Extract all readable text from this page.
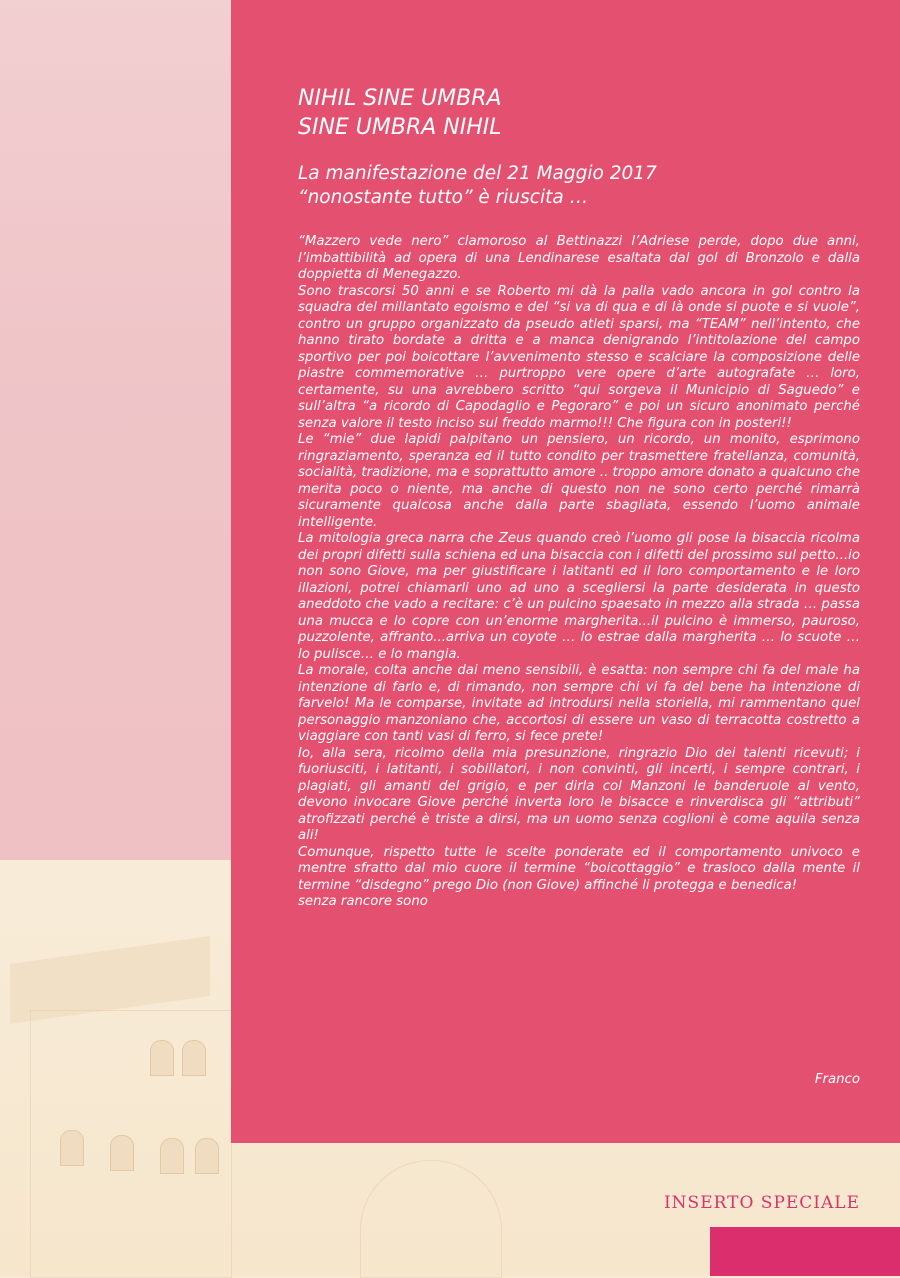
NIHIL SINE UMBRA
SINE UMBRA NIHIL
La manifestazione del 21 Maggio 2017
“nonostante tutto” è riuscita …

“Mazzero vede nero” clamoroso al Bettinazzi l’Adriese perde, dopo due anni, l’imbattibilità ad opera di una Lendinarese esaltata dal gol di Bronzolo e dalla doppietta di Menegazzo.

Sono trascorsi 50 anni e se Roberto mi dà la palla vado ancora in gol contro la squadra del millantato egoismo e del “si va di qua e di là onde si puote e si vuole”, contro un gruppo organizzato da pseudo atleti sparsi, ma “TEAM” nell’intento, che hanno tirato bordate a dritta e a manca denigrando l’intitolazione del campo sportivo per poi boicottare l’avvenimento stesso e scalciare la composizione delle piastre commemorative … purtroppo vere opere d’arte autografate … loro, certamente, su una avrebbero scritto “qui sorgeva il Municipio di Saguedo” e sull’altra “a ricordo di Capodaglio e Pegoraro” e poi un sicuro anonimato perché senza valore il testo inciso sul freddo marmo!!! Che figura con in posteri!!

Le “mie” due lapidi palpitano un pensiero, un ricordo, un monito, esprimono ringraziamento, speranza ed il tutto condito per trasmettere fratellanza, comunità, socialità, tradizione, ma e soprattutto amore .. troppo amore donato a qualcuno che merita poco o niente, ma anche di questo non ne sono certo perché rimarrà sicuramente qualcosa anche dalla parte sbagliata, essendo l’uomo animale intelligente.

La mitologia greca narra che Zeus quando creò l’uomo gli pose la bisaccia ricolma dei propri difetti sulla schiena ed una bisaccia con i difetti del prossimo sul petto...io non sono Giove, ma per giustificare i latitanti ed il loro comportamento e le loro illazioni, potrei chiamarli uno ad uno a scegliersi la parte desiderata in questo aneddoto che vado a recitare: c’è un pulcino spaesato in mezzo alla strada … passa una mucca e lo copre con un’enorme margherita...il pulcino è immerso, pauroso, puzzolente, affranto...arriva un coyote … lo estrae dalla margherita … lo scuote … lo pulisce… e lo mangia.

La morale, colta anche dai meno sensibili, è esatta: non sempre chi fa del male ha intenzione di farlo e, di rimando, non sempre chi vi fa del bene ha intenzione di farvelo! Ma le comparse, invitate ad introdursi nella storiella, mi rammentano quel personaggio manzoniano che, accortosi di essere un vaso di terracotta costretto a viaggiare con tanti vasi di ferro, si fece prete!

Io, alla sera, ricolmo della mia presunzione, ringrazio Dio dei talenti ricevuti; i fuoriusciti, i latitanti, i sobillatori, i non convinti, gli incerti, i sempre contrari, i plagiati, gli amanti del grigio, e per dirla col Manzoni le banderuole al vento, devono invocare Giove perché inverta loro le bisacce e rinverdisca gli “attributi” atrofizzati perché è triste a dirsi, ma un uomo senza coglioni è come aquila senza ali!

Comunque, rispetto tutte le scelte ponderate ed il comportamento univoco e mentre sfratto dal mio cuore il termine “boicottaggio” e trasloco dalla mente il termine “disdegno” prego Dio (non Giove) affinché li protegga e benedica!

senza rancore sono

Franco
INSERTO SPECIALE
